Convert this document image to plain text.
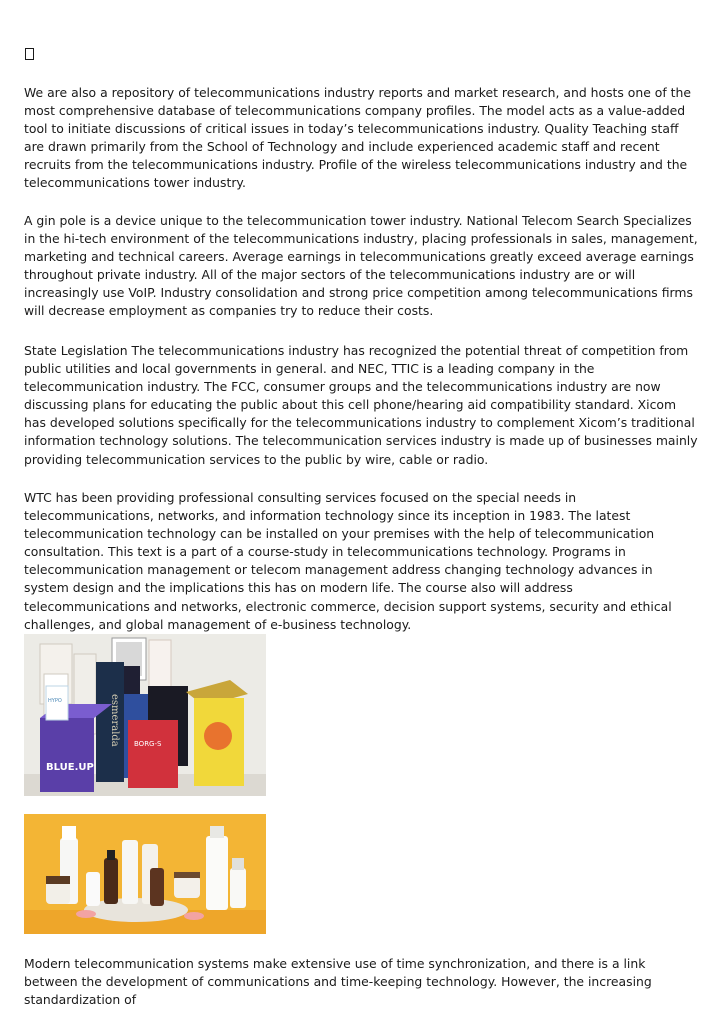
We are also a repository of telecommunications industry reports and market research, and hosts one of the most comprehensive database of telecommunications company profiles. The model acts as a value-added tool to initiate discussions of critical issues in today’s telecommunications industry. Quality Teaching staff are drawn primarily from the School of Technology and include experienced academic staff and recent recruits from the telecommunications industry. Profile of the wireless telecommunications industry and the telecommunications tower industry.

A gin pole is a device unique to the telecommunication tower industry. National Telecom Search Specializes in the hi-tech environment of the telecommunications industry, placing professionals in sales, management, marketing and technical careers. Average earnings in telecommunications greatly exceed average earnings throughout private industry. All of the major sectors of the telecommunications industry are or will increasingly use VoIP. Industry consolidation and strong price competition among telecommunications firms will decrease employment as companies try to reduce their costs.

State Legislation The telecommunications industry has recognized the potential threat of competition from public utilities and local governments in general. and NEC, TTIC is a leading company in the telecommunication industry. The FCC, consumer groups and the telecommunications industry are now discussing plans for educating the public about this cell phone/hearing aid compatibility standard. Xicom has developed solutions specifically for the telecommunications industry to complement Xicom’s traditional information technology solutions. The telecommunication services industry is made up of businesses mainly providing telecommunication services to the public by wire, cable or radio.

WTC has been providing professional consulting services focused on the special needs in telecommunications, networks, and information technology since its inception in 1983. The latest telecommunication technology can be installed on your premises with the help of telecommunication consultation. This text is a part of a course-study in telecommunications technology. Programs in telecommunication management or telecom management address changing technology advances in system design and the implications this has on modern life. The course also will address telecommunications and networks, electronic commerce, decision support systems, security and ethical challenges, and global management of e-business technology.

esmeralda
BLUE.UP
BORG-S
HYPO

Modern telecommunication systems make extensive use of time synchronization, and there is a link between the development of communications and time-keeping technology. However, the increasing standardization of
